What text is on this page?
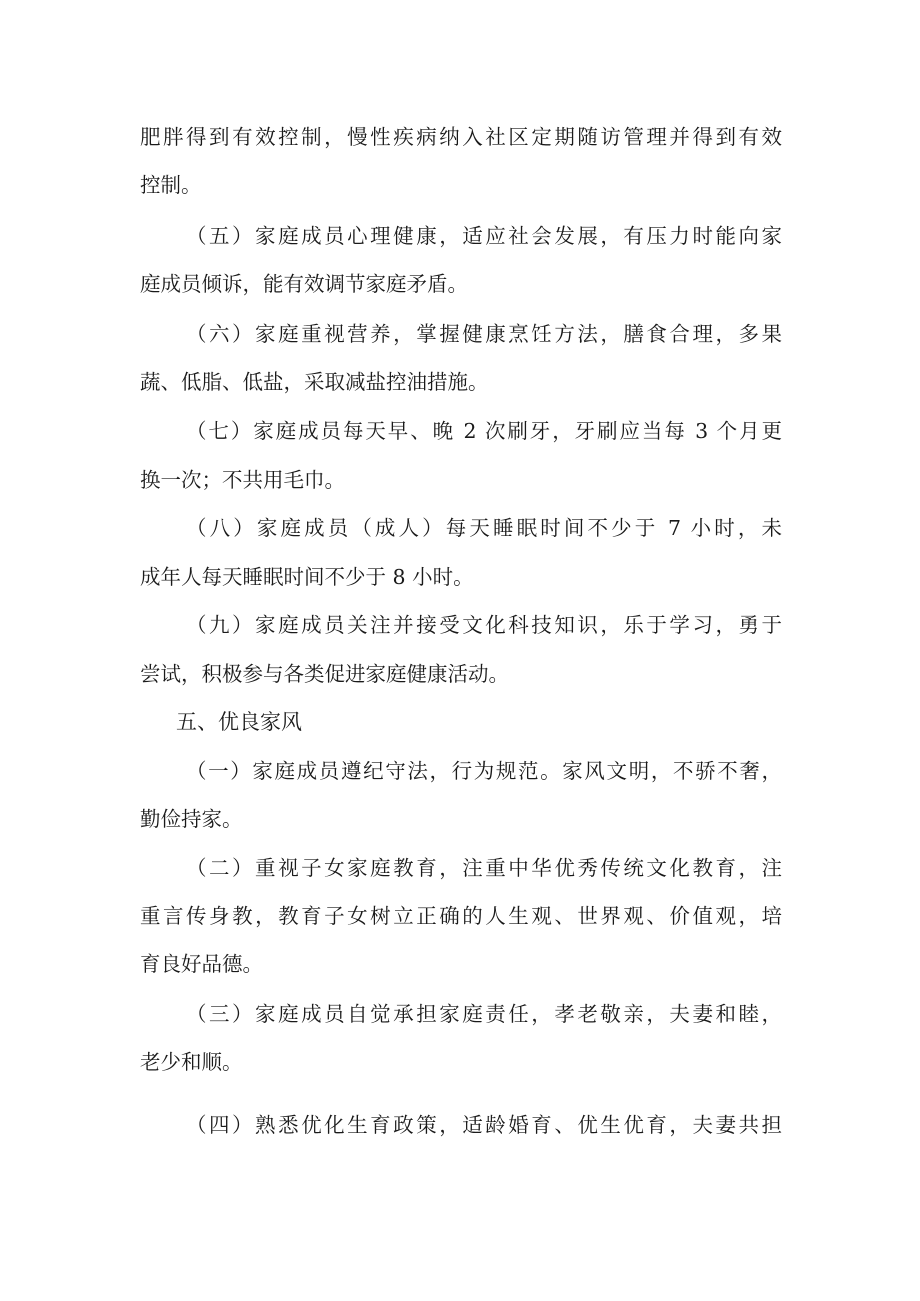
肥胖得到有效控制，慢性疾病纳入社区定期随访管理并得到有效
控制。
（五）家庭成员心理健康，适应社会发展，有压力时能向家
庭成员倾诉，能有效调节家庭矛盾。
（六）家庭重视营养，掌握健康烹饪方法，膳食合理，多果
蔬、低脂、低盐，采取减盐控油措施。
（七）家庭成员每天早、晚 2 次刷牙，牙刷应当每 3 个月更
换一次；不共用毛巾。
（八）家庭成员（成人）每天睡眠时间不少于 7 小时，未
成年人每天睡眠时间不少于 8 小时。
（九）家庭成员关注并接受文化科技知识，乐于学习，勇于
尝试，积极参与各类促进家庭健康活动。
五、优良家风
（一）家庭成员遵纪守法，行为规范。家风文明，不骄不奢，
勤俭持家。
（二）重视子女家庭教育，注重中华优秀传统文化教育，注
重言传身教，教育子女树立正确的人生观、世界观、价值观，培
育良好品德。
（三）家庭成员自觉承担家庭责任，孝老敬亲，夫妻和睦，
老少和顺。
（四）熟悉优化生育政策，适龄婚育、优生优育，夫妻共担
